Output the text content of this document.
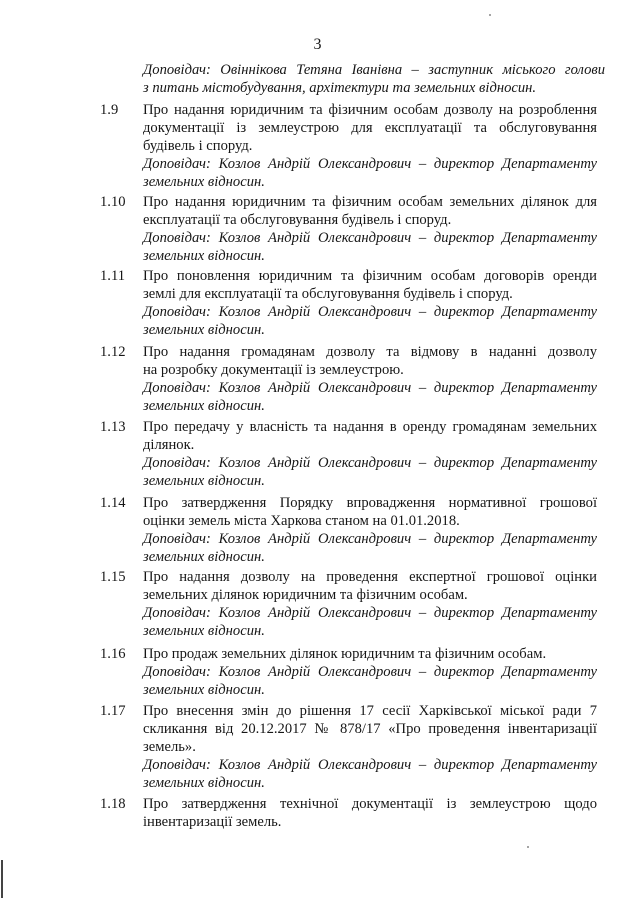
3
Доповідач: Овіннікова Тетяна Іванівна – заступник міського голови
з питань містобудування, архітектури та земельних відносин.
1.9 Про надання юридичним та фізичним особам дозволу на розроблення
документації із землеустрою для експлуатації та обслуговування
будівель і споруд.
Доповідач: Козлов Андрій Олександрович – директор Департаменту
земельних відносин.
1.10 Про надання юридичним та фізичним особам земельних ділянок для
експлуатації та обслуговування будівель і споруд.
Доповідач: Козлов Андрій Олександрович – директор Департаменту
земельних відносин.
1.11 Про поновлення юридичним та фізичним особам договорів оренди
землі для експлуатації та обслуговування будівель і споруд.
Доповідач: Козлов Андрій Олександрович – директор Департаменту
земельних відносин.
1.12 Про надання громадянам дозволу та відмову в наданні дозволу
на розробку документації із землеустрою.
Доповідач: Козлов Андрій Олександрович – директор Департаменту
земельних відносин.
1.13 Про передачу у власність та надання в оренду громадянам земельних
ділянок.
Доповідач: Козлов Андрій Олександрович – директор Департаменту
земельних відносин.
1.14 Про затвердження Порядку впровадження нормативної грошової
оцінки земель міста Харкова станом на 01.01.2018.
Доповідач: Козлов Андрій Олександрович – директор Департаменту
земельних відносин.
1.15 Про надання дозволу на проведення експертної грошової оцінки
земельних ділянок юридичним та фізичним особам.
Доповідач: Козлов Андрій Олександрович – директор Департаменту
земельних відносин.
1.16 Про продаж земельних ділянок юридичним та фізичним особам.
Доповідач: Козлов Андрій Олександрович – директор Департаменту
земельних відносин.
1.17 Про внесення змін до рішення 17 сесії Харківської міської ради 7
скликання від 20.12.2017 № 878/17 «Про проведення інвентаризації
земель».
Доповідач: Козлов Андрій Олександрович – директор Департаменту
земельних відносин.
1.18 Про затвердження технічної документації із землеустрою щодо
інвентаризації земель.
